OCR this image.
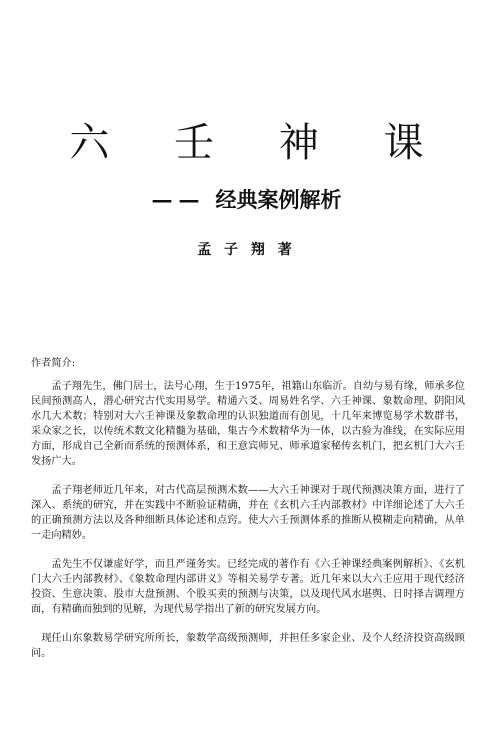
六 壬 神 课
—— 经典案例解析
孟 子 翔 著

作者简介:

孟子翔先生，佛门居士，法号心翔，生于1975年，祖籍山东临沂。自幼与易有缘，师承多位民间预测高人，潜心研究古代实用易学。精通六爻、周易姓名学、六壬神课、象数命理、阴阳风水几大术数；特别对大六壬神课及象数命理的认识独道而有创见，十几年来博览易学术数群书，采众家之长，以传统术数文化精髓为基础，集古今术数精华为一体，以古验为准线，在实际应用方面，形成自己全新而系统的预测体系，和王意宾师兄、师承道家秘传玄机门，把玄机门大六壬发扬广大。

孟子翔老师近几年来，对古代高层预测术数——大六壬神课对于现代预测决策方面，进行了深入、系统的研究，并在实践中不断验证精确，并在《玄机六壬内部教材》中详细论述了大六壬的正确预测方法以及各种细断具体论述和点窍。使大六壬预测体系的推断从模糊走向精确，从单一走向精妙。

孟先生不仅谦虚好学，而且严谨务实。已经完成的著作有《六壬神课经典案例解析》、《玄机门大六壬内部教材》、《象数命理内部讲义》等相关易学专著。近几年来以大六壬应用于现代经济投资、生意决策、股市大盘预测、个股买卖的预测与决策，以及现代风水堪舆、日时择吉调理方面，有精确而独到的见解，为现代易学指出了新的研究发展方向。

现任山东象数易学研究所所长，象数学高级预测师，并担任多家企业、及个人经济投资高级顾问。
